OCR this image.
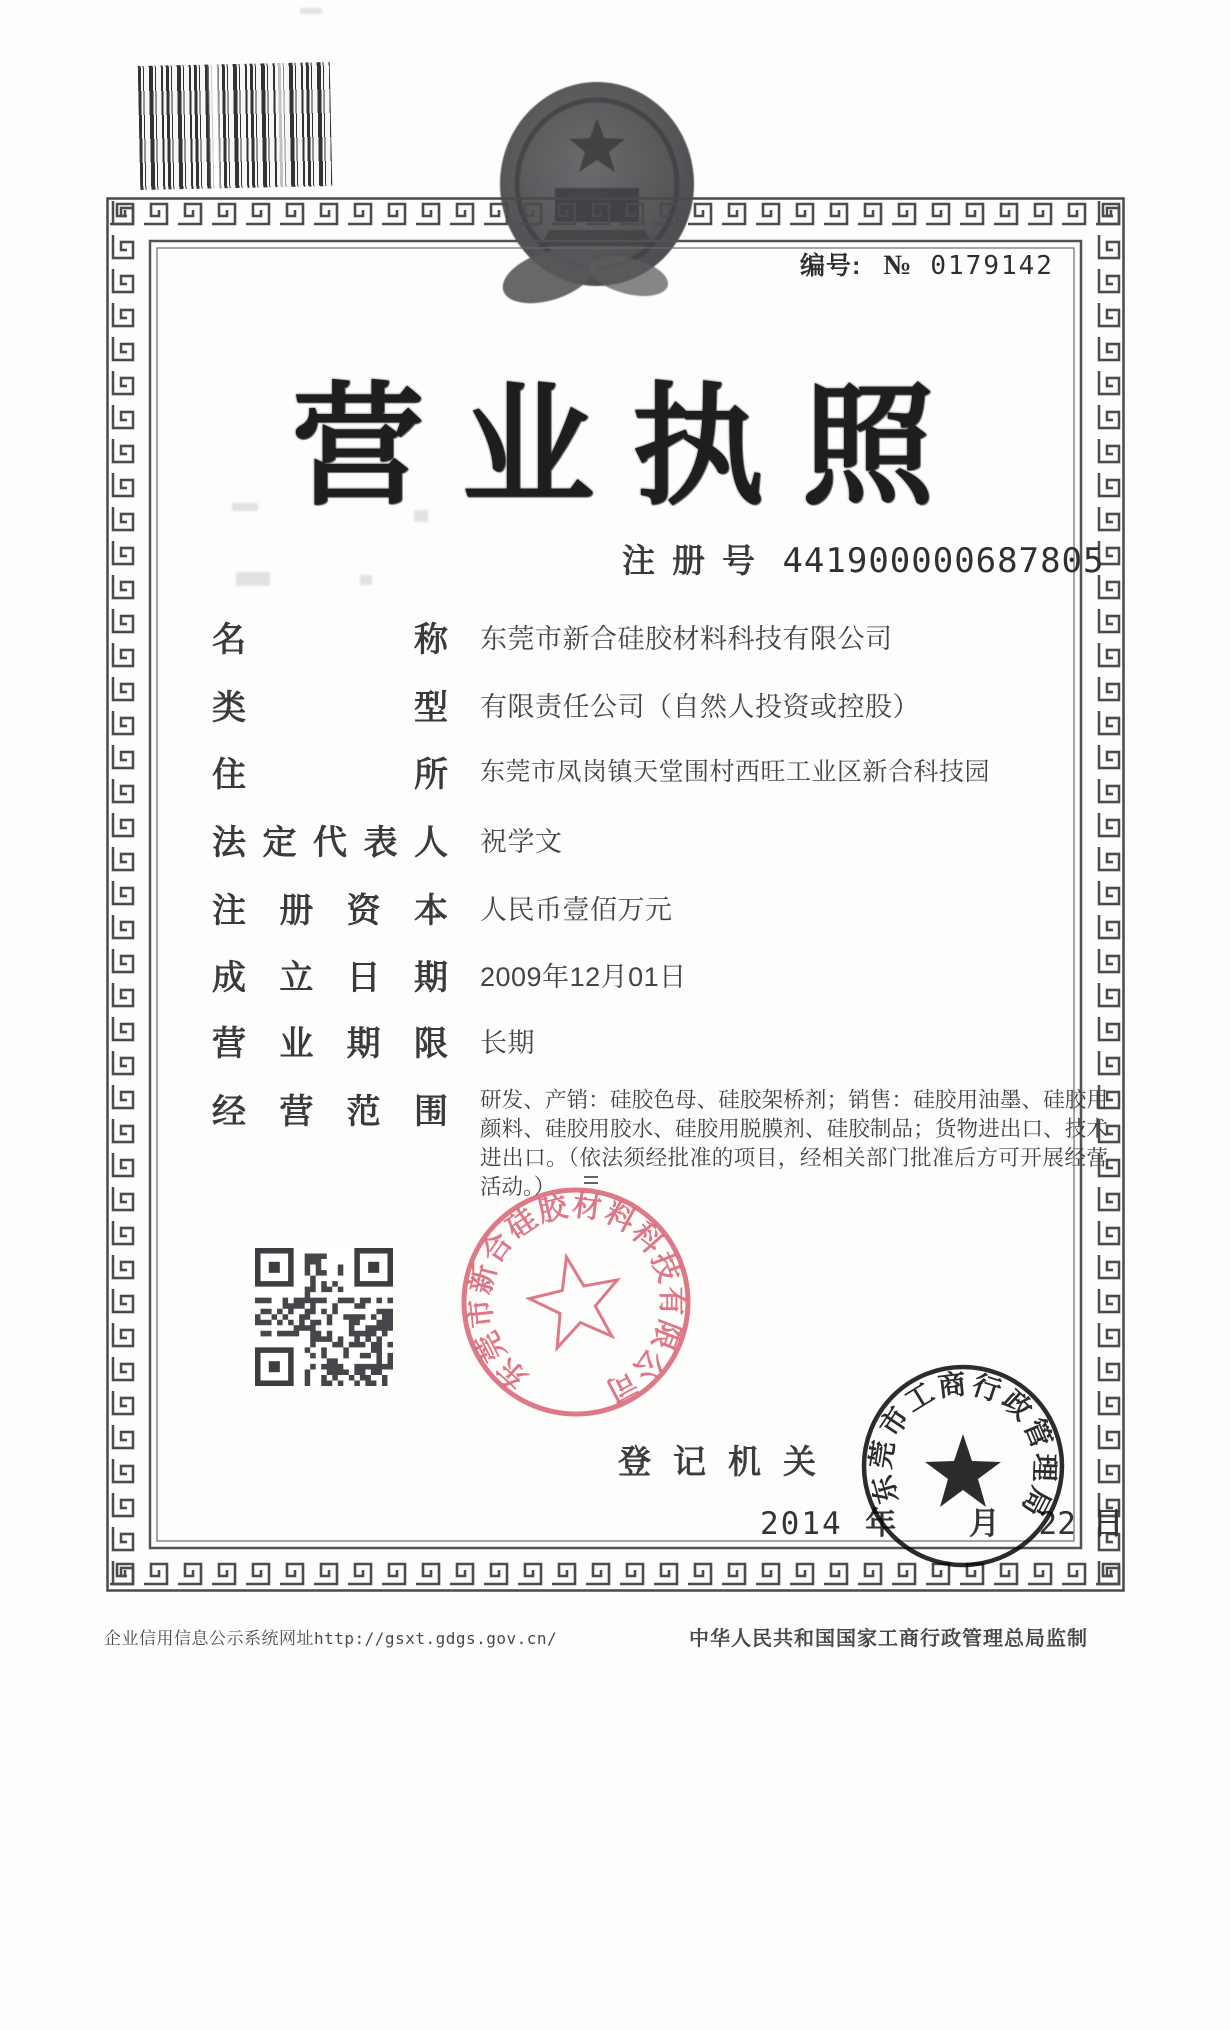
编号: № 0179142
营业执照
注册号 441900000687805
名称 东莞市新合硅胶材料科技有限公司
类型 有限责任公司（自然人投资或控股）
住所 东莞市凤岗镇天堂围村西旺工业区新合科技园
法定代表人 祝学文
注册资本 人民币壹佰万元
成立日期 2009年12月01日
营业期限 长期
经营范围 研发、产销：硅胶色母、硅胶架桥剂；销售：硅胶用油墨、硅胶用颜料、硅胶用胶水、硅胶用脱膜剂、硅胶制品；货物进出口、技术进出口。（依法须经批准的项目，经相关部门批准后方可开展经营活动。）
东莞市新合硅胶材料科技有限公司
登记机关
2014 年 月 22 日
东莞市工商行政管理局
企业信用信息公示系统网址http://gsxt.gdgs.gov.cn/	中华人民共和国国家工商行政管理总局监制
